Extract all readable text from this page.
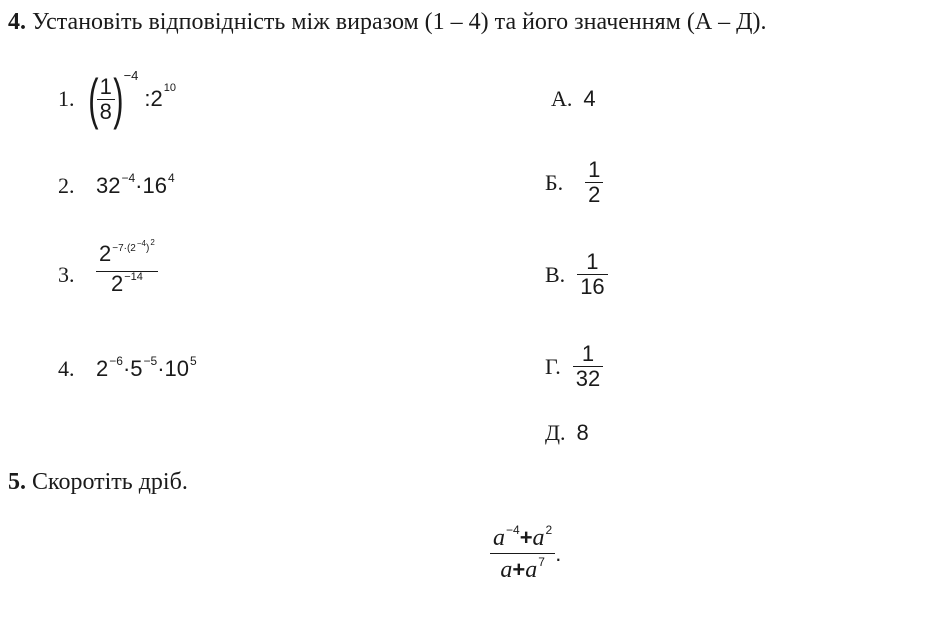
4. Установіть відповідність між виразом (1 – 4) та його значенням (А – Д).
1. (
$\frac{1}{8}$
)$^{-4}$
$:2^{10}$
2. $32^{-4}\cdot 16^4$
3. $\frac{2^{-7\cdot(2^{-4})^2}}{2^{-14}}$
4. $2^{-6}\cdot 5^{-5}\cdot 10^5$
А. 4
Б. $\frac{1}{2}$
В. $\frac{1}{16}$
Г. $\frac{1}{32}$
Д. 8
5. Скоротіть дріб.
$\frac{a^{-4}+a^2}{a+a^7}$ .
